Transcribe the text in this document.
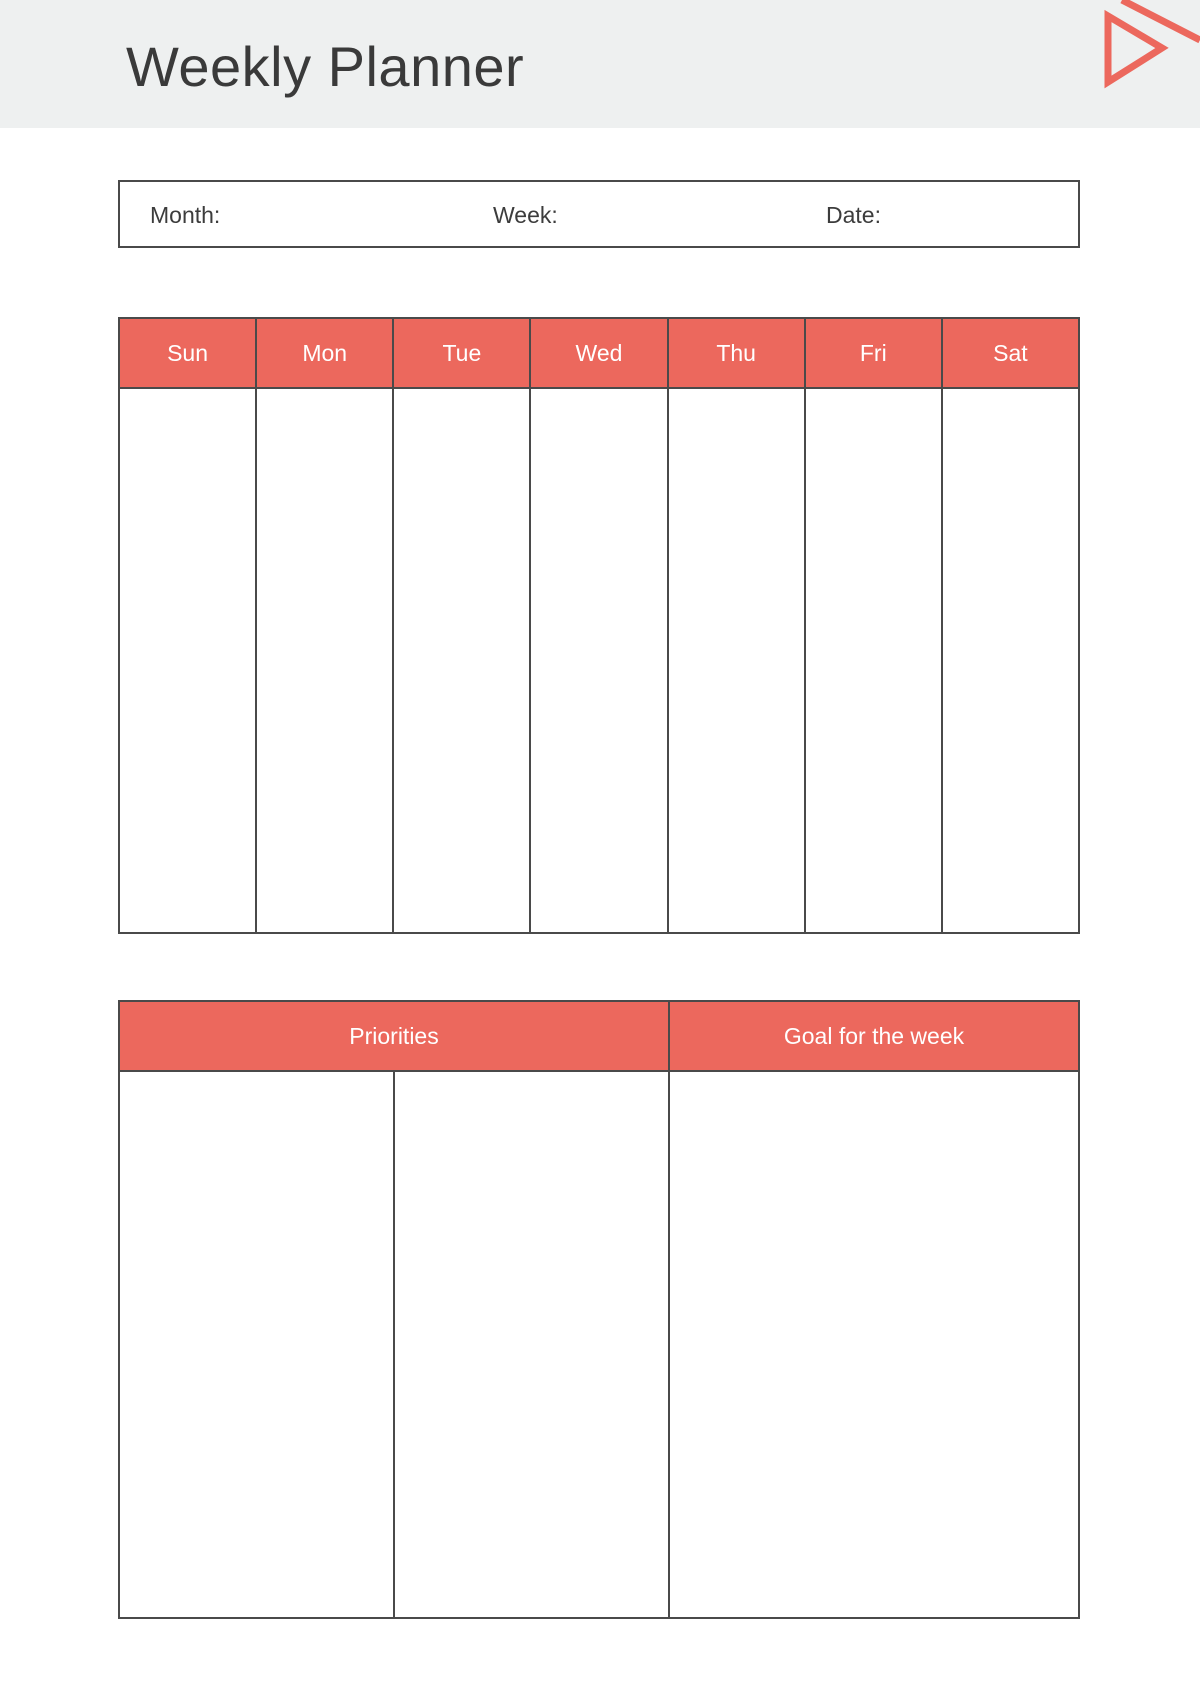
Weekly Planner
Month:	Week:	Date:
Sun	Mon	Tue	Wed	Thu	Fri	Sat
Priorities	Goal for the week
